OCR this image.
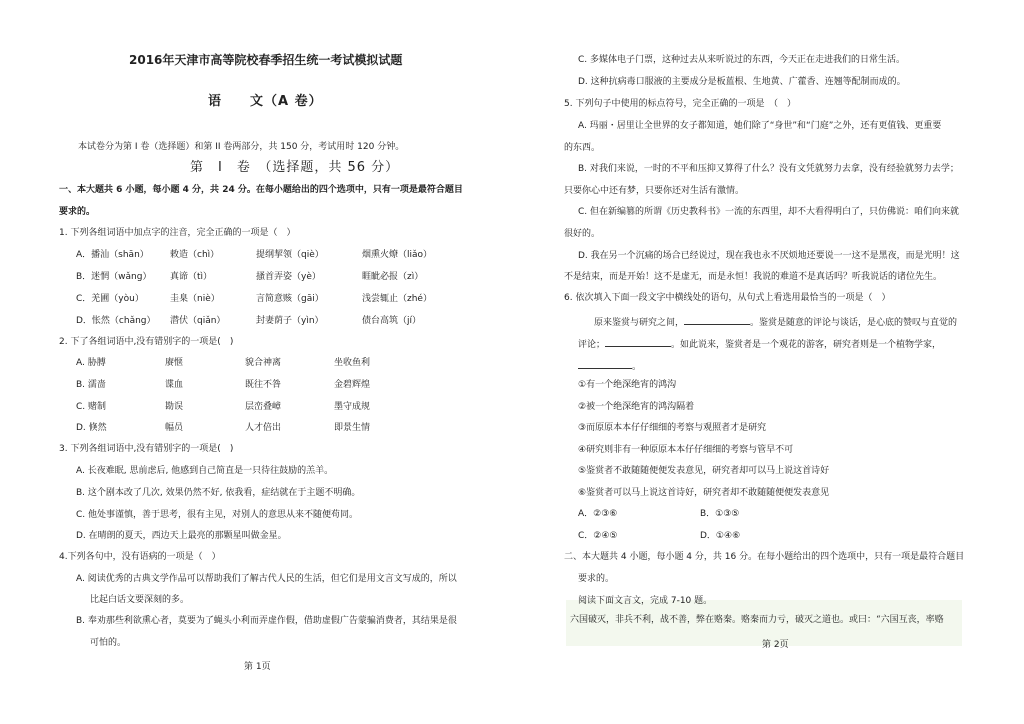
2016年天津市高等院校春季招生统一考试模拟试题
语　　文（A 卷）
本试卷分为第 I 卷（选择题）和第 II 卷两部分，共 150 分，考试用时 120 分钟。
第　I　卷　（选择题，共 56 分）
一、本大题共 6 小题，每小题 4 分，共 24 分。在每小题给出的四个选项中，只有一项是最符合题目
要求的。
1. 下列各组词语中加点字的注音，完全正确的一项是（　）
A．播汕（shān） 敕造（chì）	提纲挈领（qiè）	烟熏火燎（liǎo）
B．迷惘（wǎng） 真谛（tì）	搔首弄姿（yè）	睚眦必报（zì）
C．羌圃（yòu）	圭臬（niè）	言简意赅（gāi）	浅尝辄止（zhé）
D．怅然（chǎng） 潜伏（qiǎn）	封妻荫子（yìn）	债台高筑（jí）
2. 下了各组词语中,没有错别字的一项是(　)
A. 胁膊	赓惬	貌合神离	坐收鱼利
B. 濡啬	谍血	既往不咎	金碧辉煌
C. 赌制	勘误	层峦叠嶂	墨守成规
D. 倏然	幅员	人才倍出	即景生情
3. 下列各组词语中,没有错别字的一项是(　)
A. 长夜难眠, 思前虑后, 他感到自己简直是一只待往鼓励的羔羊。
B. 这个剧本改了几次, 效果仍然不好, 依我看，症结就在于主题不明确。
C. 他处事谨慎，善于思考，很有主见，对别人的意思从来不随便苟同。
D. 在晴朗的夏天，西边天上最亮的那颗星叫做金星。
4.下列各句中，没有语病的一项是（　）
A. 阅读优秀的古典文学作品可以帮助我们了解古代人民的生活，但它们是用文言文写成的，所以
比起白话文要深刻的多。
B. 奉劝那些利欲熏心者，莫要为了蝇头小利而弄虚作假，借助虚假广告蒙骗消费者，其结果是很
可怕的。
第 1页
C. 多媒体电子门票，这种过去从来听说过的东西，今天正在走进我们的日常生活。
D. 这种抗病毒口服液的主要成分是板蓝根、生地黄、广藿香、连翘等配制而成的。
5. 下列句子中使用的标点符号，完全正确的一项是　（　）
A. 玛丽・居里让全世界的女子都知道，她们除了“身世”和“门庭”之外，还有更值钱、更重要
的东西。
B. 对我们来说，一时的不平和压抑又算得了什么？没有文凭就努力去拿，没有经验就努力去学；
只要你心中还有梦，只要你还对生活有激情。
C. 但在新编篡的所谓《历史教科书》一流的东西里，却不大看得明白了，只仿佛说：咱们向来就
很好的。
D. 我在另一个沉痛的场合已经说过，现在我也永不厌烦地还要说一一这不是黑夜，而是光明！这
不是结束，而是开始！这不是虚无，而是永恒！我说的难道不是真话吗？听我说话的诸位先生。
6. 依次填入下面一段文字中横线处的语句，从句式上看选用最恰当的一项是（　）
原来鉴赏与研究之间，	。鉴赏是随意的评论与谈话，是心底的赞叹与直觉的
评论；	。如此说来，鉴赏者是一个观花的游客，研究者则是一个植物学家，
。
①有一个绝深绝宵的鸿沟
②被一个绝深绝宵的鸿沟隔着
③而原原本本仔仔细细的考察与观照者才是研究
④研究则非有一种原原本本仔仔细细的考察与管早不可
⑤鉴赏者不敢随随便便发表意见，研究者却可以马上说这首诗好
⑥鉴赏者可以马上说这首诗好，研究者却不敢随随便便发表意见
A．②③⑥	B．①③⑤
C．②④⑤	D．①④⑥
二、本大题共 4 小题，每小题 4 分，共 16 分。在每小题给出的四个选项中，只有一项是最符合题目
要求的。
阅读下面文言文，完成 7-10 题。
六国破灭，非兵不利，战不善，弊在赂秦。赂秦而力亏，破灭之道也。或曰：“六国互丧，率赂
第 2页
